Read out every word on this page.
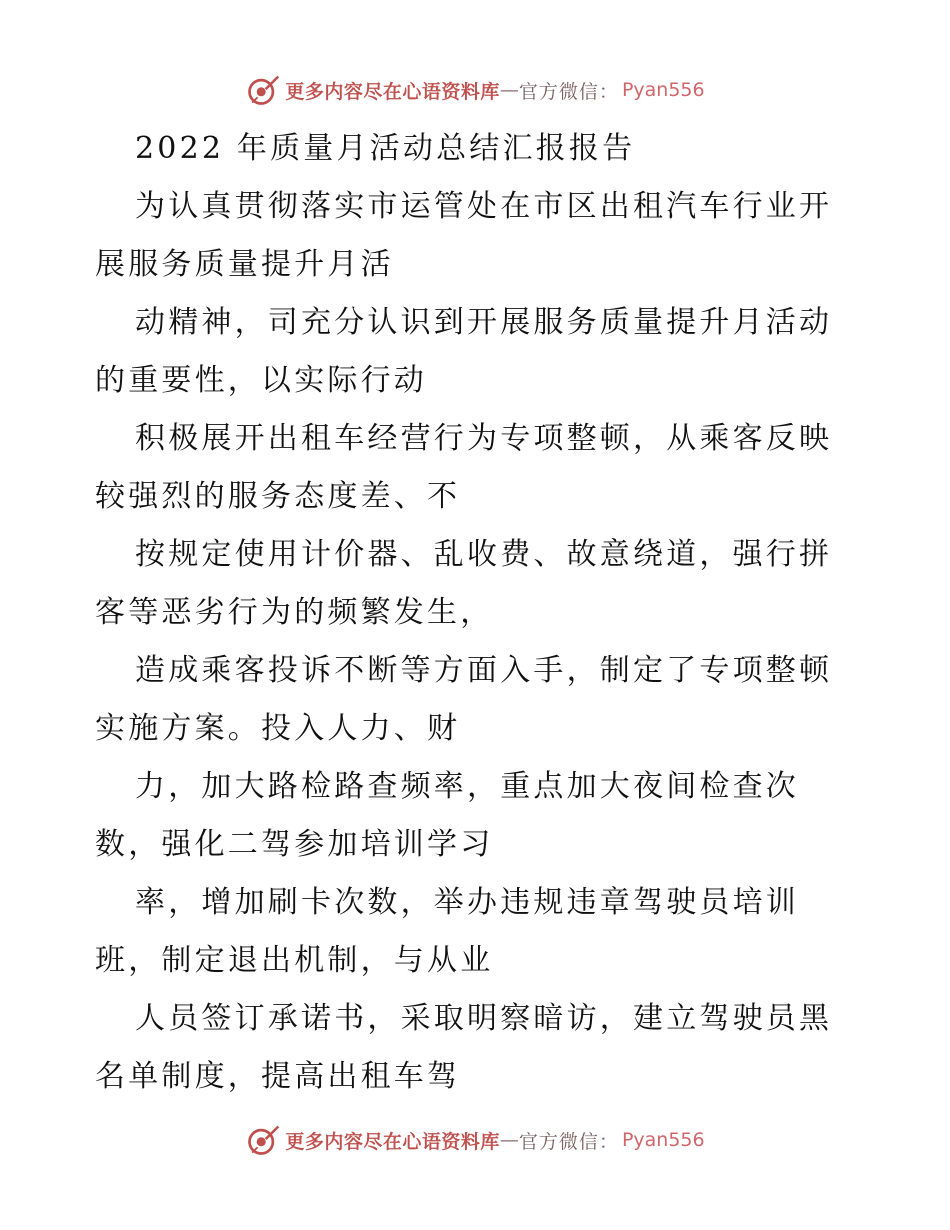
更多内容尽在心语资料库 — 官方微信 ： Pyan556

2022 年质量月活动总结汇报报告

为认真贯彻落实市运管处在市区出租汽车行业开

展服务质量提升月活

动精神，司充分认识到开展服务质量提升月活动

的重要性，以实际行动

积极展开出租车经营行为专项整顿，从乘客反映

较强烈的服务态度差、不

按规定使用计价器、乱收费、故意绕道，强行拼

客等恶劣行为的频繁发生，

造成乘客投诉不断等方面入手，制定了专项整顿

实施方案。投入人力、财

力，加大路检路查频率，重点加大夜间检查次

数，强化二驾参加培训学习

率，增加刷卡次数，举办违规违章驾驶员培训

班，制定退出机制，与从业

人员签订承诺书，采取明察暗访，建立驾驶员黑

名单制度，提高出租车驾

更多内容尽在心语资料库 — 官方微信 ： Pyan556
